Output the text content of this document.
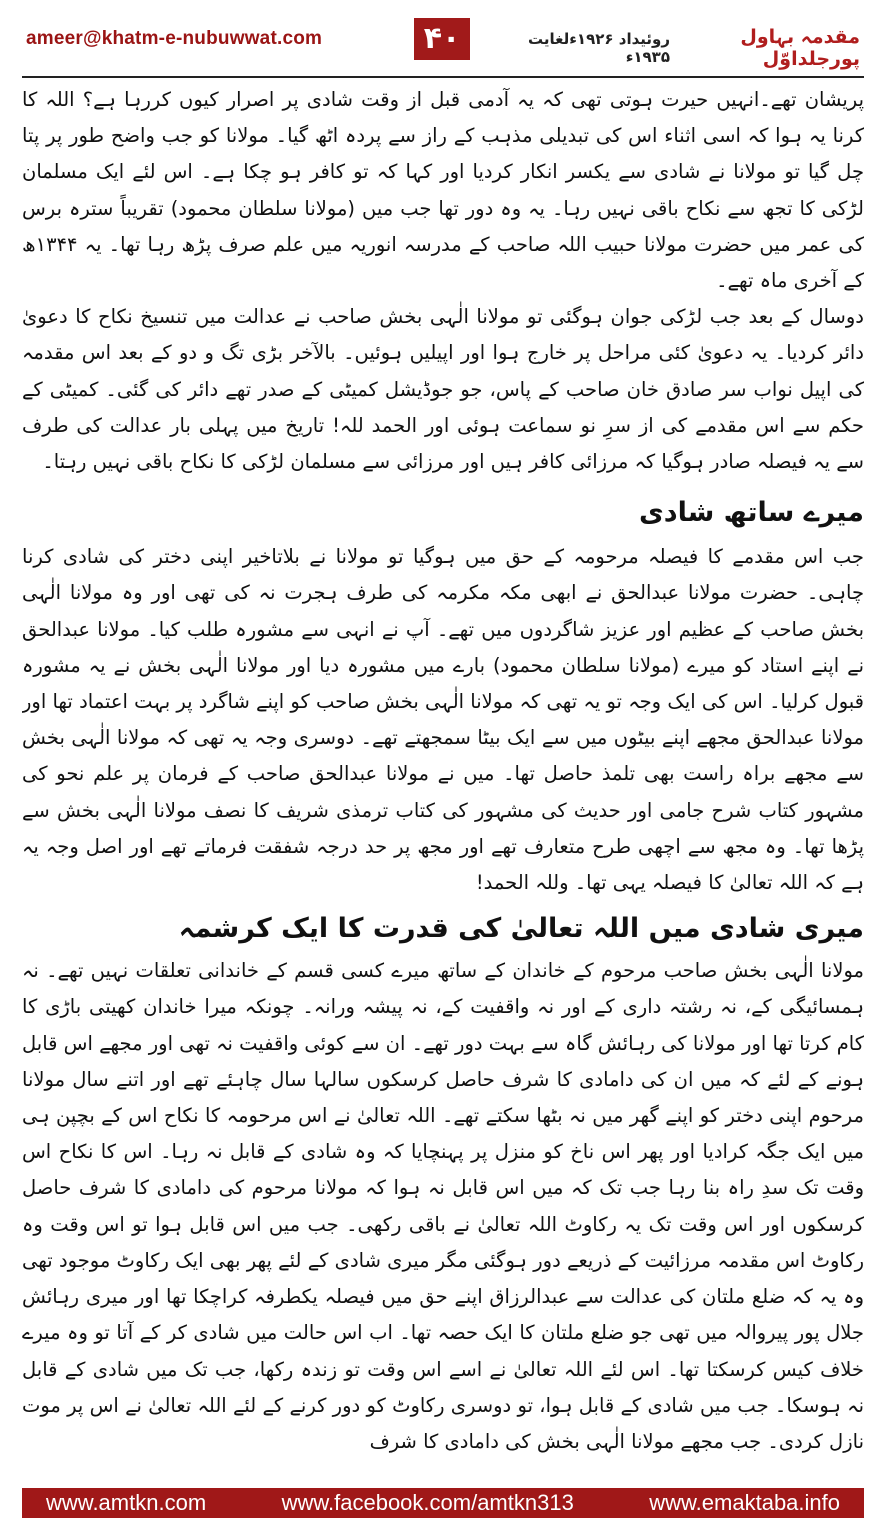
ameer@khatm-e-nubuwwat.com	۴۰	روئیداد ۱۹۲۶ءلغایت ۱۹۳۵ء
مقدمہ بہاول پورجلداوّل

پریشان تھے۔انہیں حیرت ہوتی تھی کہ یہ آدمی قبل از وقت شادی پر اصرار کیوں کررہا ہے؟ اللہ کا کرنا یہ ہوا کہ اسی اثناء اس کی تبدیلی مذہب کے راز سے پردہ اٹھ گیا۔ مولانا کو جب واضح طور پر پتا چل گیا تو مولانا نے شادی سے یکسر انکار کردیا اور کہا کہ تو کافر ہو چکا ہے۔ اس لئے ایک مسلمان لڑکی کا تجھ سے نکاح باقی نہیں رہا۔ یہ وہ دور تھا جب میں (مولانا سلطان محمود) تقریباً سترہ برس کی عمر میں حضرت مولانا حبیب اللہ صاحب کے مدرسہ انوریہ میں علم صرف پڑھ رہا تھا۔ یہ ۱۳۴۴ھ کے آخری ماہ تھے۔

دوسال کے بعد جب لڑکی جوان ہوگئی تو مولانا الٰہی بخش صاحب نے عدالت میں تنسیخ نکاح کا دعویٰ دائر کردیا۔ یہ دعویٰ کئی مراحل پر خارج ہوا اور اپیلیں ہوئیں۔ بالآخر بڑی تگ و دو کے بعد اس مقدمہ کی اپیل نواب سر صادق خان صاحب کے پاس، جو جوڈیشل کمیٹی کے صدر تھے دائر کی گئی۔ کمیٹی کے حکم سے اس مقدمے کی از سرِ نو سماعت ہوئی اور الحمد للہ! تاریخ میں پہلی بار عدالت کی طرف سے یہ فیصلہ صادر ہوگیا کہ مرزائی کافر ہیں اور مرزائی سے مسلمان لڑکی کا نکاح باقی نہیں رہتا۔

میرے ساتھ شادی

جب اس مقدمے کا فیصلہ مرحومہ کے حق میں ہوگیا تو مولانا نے بلاتاخیر اپنی دختر کی شادی کرنا چاہی۔ حضرت مولانا عبدالحق نے ابھی مکہ مکرمہ کی طرف ہجرت نہ کی تھی اور وہ مولانا الٰہی بخش صاحب کے عظیم اور عزیز شاگردوں میں تھے۔ آپ نے انہی سے مشورہ طلب کیا۔ مولانا عبدالحق نے اپنے استاد کو میرے (مولانا سلطان محمود) بارے میں مشورہ دیا اور مولانا الٰہی بخش نے یہ مشورہ قبول کرلیا۔ اس کی ایک وجہ تو یہ تھی کہ مولانا الٰہی بخش صاحب کو اپنے شاگرد پر بہت اعتماد تھا اور مولانا عبدالحق مجھے اپنے بیٹوں میں سے ایک بیٹا سمجھتے تھے۔ دوسری وجہ یہ تھی کہ مولانا الٰہی بخش سے مجھے براہ راست بھی تلمذ حاصل تھا۔ میں نے مولانا عبدالحق صاحب کے فرمان پر علم نحو کی مشہور کتاب شرح جامی اور حدیث کی مشہور کی کتاب ترمذی شریف کا نصف مولانا الٰہی بخش سے پڑھا تھا۔ وہ مجھ سے اچھی طرح متعارف تھے اور مجھ پر حد درجہ شفقت فرماتے تھے اور اصل وجہ یہ ہے کہ اللہ تعالیٰ کا فیصلہ یہی تھا۔ وللہ الحمد!

میری شادی میں اللہ تعالیٰ کی قدرت کا ایک کرشمہ

مولانا الٰہی بخش صاحب مرحوم کے خاندان کے ساتھ میرے کسی قسم کے خاندانی تعلقات نہیں تھے۔ نہ ہمسائیگی کے، نہ رشتہ داری کے اور نہ واقفیت کے، نہ پیشہ ورانہ۔ چونکہ میرا خاندان کھیتی باڑی کا کام کرتا تھا اور مولانا کی رہائش گاہ سے بہت دور تھے۔ ان سے کوئی واقفیت نہ تھی اور مجھے اس قابل ہونے کے لئے کہ میں ان کی دامادی کا شرف حاصل کرسکوں سالہا سال چاہئے تھے اور اتنے سال مولانا مرحوم اپنی دختر کو اپنے گھر میں نہ بٹھا سکتے تھے۔ اللہ تعالیٰ نے اس مرحومہ کا نکاح اس کے بچپن ہی میں ایک جگہ کرادیا اور پھر اس ناخ کو منزل پر پہنچایا کہ وہ شادی کے قابل نہ رہا۔ اس کا نکاح اس وقت تک سدِ راہ بنا رہا جب تک کہ میں اس قابل نہ ہوا کہ مولانا مرحوم کی دامادی کا شرف حاصل کرسکوں اور اس وقت تک یہ رکاوٹ اللہ تعالیٰ نے باقی رکھی۔ جب میں اس قابل ہوا تو اس وقت وہ رکاوٹ اس مقدمہ مرزائیت کے ذریعے دور ہوگئی مگر میری شادی کے لئے پھر بھی ایک رکاوٹ موجود تھی وہ یہ کہ ضلع ملتان کی عدالت سے عبدالرزاق اپنے حق میں فیصلہ یکطرفہ کراچکا تھا اور میری رہائش جلال پور پیروالہ میں تھی جو ضلع ملتان کا ایک حصہ تھا۔ اب اس حالت میں شادی کر کے آتا تو وہ میرے خلاف کیس کرسکتا تھا۔ اس لئے اللہ تعالیٰ نے اسے اس وقت تو زندہ رکھا، جب تک میں شادی کے قابل نہ ہوسکا۔ جب میں شادی کے قابل ہوا، تو دوسری رکاوٹ کو دور کرنے کے لئے اللہ تعالیٰ نے اس پر موت نازل کردی۔ جب مجھے مولانا الٰہی بخش کی دامادی کا شرف

www.amtkn.com	www.facebook.com/amtkn313	www.emaktaba.info
